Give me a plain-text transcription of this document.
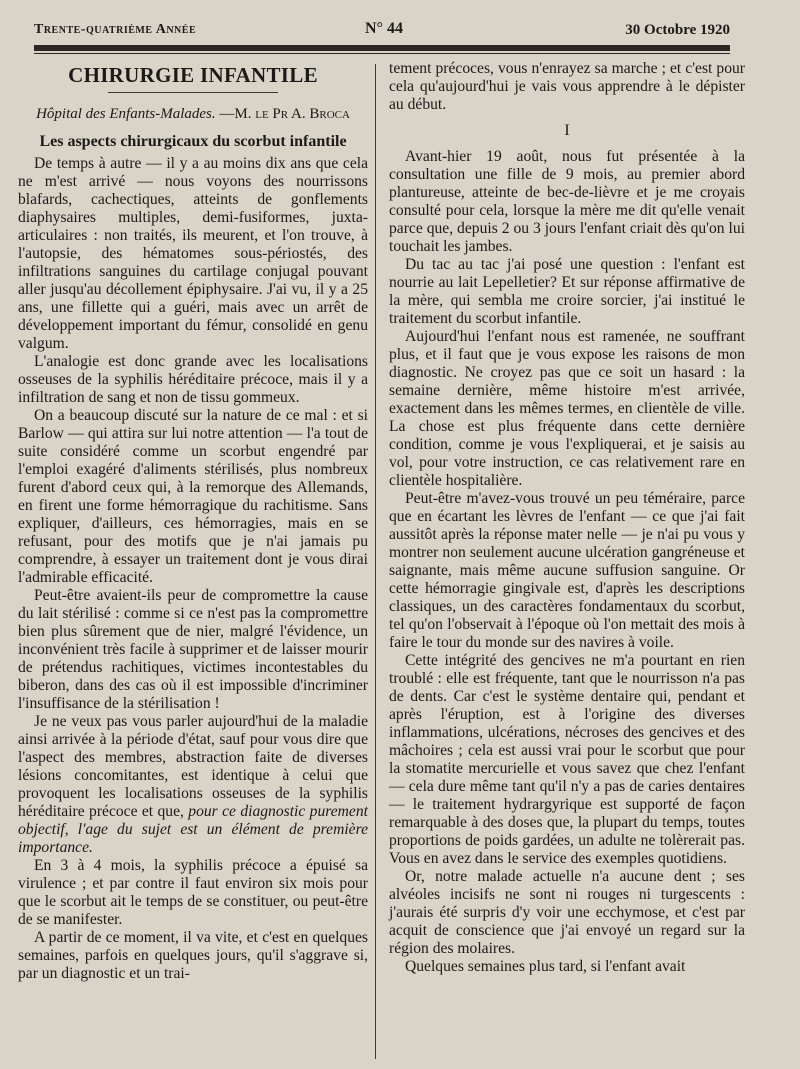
Trente-quatrième Année	N° 44	30 Octobre 1920
CHIRURGIE INFANTILE
Hôpital des Enfants-Malades. —M. le Pr A. Broca
Les aspects chirurgicaux du scorbut infantile

De temps à autre — il y a au moins dix ans que cela ne m'est arrivé — nous voyons des nourrissons blafards, cachectiques, atteints de gonflements diaphysaires multiples, demi-fusiformes, juxta-articulaires : non traités, ils meurent, et l'on trouve, à l'autopsie, des hématomes sous-périostés, des infiltrations sanguines du cartilage conjugal pouvant aller jusqu'au décollement épiphysaire. J'ai vu, il y a 25 ans, une fillette qui a guéri, mais avec un arrêt de développement important du fémur, consolidé en genu valgum.

L'analogie est donc grande avec les localisations osseuses de la syphilis héréditaire précoce, mais il y a infiltration de sang et non de tissu gommeux.

On a beaucoup discuté sur la nature de ce mal : et si Barlow — qui attira sur lui notre attention — l'a tout de suite considéré comme un scorbut engendré par l'emploi exagéré d'aliments stérilisés, plus nombreux furent d'abord ceux qui, à la remorque des Allemands, en firent une forme hémorragique du rachitisme. Sans expliquer, d'ailleurs, ces hémorragies, mais en se refusant, pour des motifs que je n'ai jamais pu comprendre, à essayer un traitement dont je vous dirai l'admirable efficacité.

Peut-être avaient-ils peur de compromettre la cause du lait stérilisé : comme si ce n'est pas la compromettre bien plus sûrement que de nier, malgré l'évidence, un inconvénient très facile à supprimer et de laisser mourir de prétendus rachitiques, victimes incontestables du biberon, dans des cas où il est impossible d'incriminer l'insuffisance de la stérilisation !

Je ne veux pas vous parler aujourd'hui de la maladie ainsi arrivée à la période d'état, sauf pour vous dire que l'aspect des membres, abstraction faite de diverses lésions concomitantes, est identique à celui que provoquent les localisations osseuses de la syphilis héréditaire précoce et que, pour ce diagnostic purement objectif, l'age du sujet est un élément de première importance.

En 3 à 4 mois, la syphilis précoce a épuisé sa virulence ; et par contre il faut environ six mois pour que le scorbut ait le temps de se constituer, ou peut-être de se manifester.

A partir de ce moment, il va vite, et c'est en quelques semaines, parfois en quelques jours, qu'il s'aggrave si, par un diagnostic et un trai-

tement précoces, vous n'enrayez sa marche ; et c'est pour cela qu'aujourd'hui je vais vous apprendre à le dépister au début.

I

Avant-hier 19 août, nous fut présentée à la consultation une fille de 9 mois, au premier abord plantureuse, atteinte de bec-de-lièvre et je me croyais consulté pour cela, lorsque la mère me dit qu'elle venait parce que, depuis 2 ou 3 jours l'enfant criait dès qu'on lui touchait les jambes.

Du tac au tac j'ai posé une question : l'enfant est nourrie au lait Lepelletier? Et sur réponse affirmative de la mère, qui sembla me croire sorcier, j'ai institué le traitement du scorbut infantile.

Aujourd'hui l'enfant nous est ramenée, ne souffrant plus, et il faut que je vous expose les raisons de mon diagnostic. Ne croyez pas que ce soit un hasard : la semaine dernière, même histoire m'est arrivée, exactement dans les mêmes termes, en clientèle de ville. La chose est plus fréquente dans cette dernière condition, comme je vous l'expliquerai, et je saisis au vol, pour votre instruction, ce cas relativement rare en clientèle hospitalière.

Peut-être m'avez-vous trouvé un peu téméraire, parce que en écartant les lèvres de l'enfant — ce que j'ai fait aussitôt après la réponse mater nelle — je n'ai pu vous y montrer non seulement aucune ulcération gangréneuse et saignante, mais même aucune suffusion sanguine. Or cette hémorragie gingivale est, d'après les descriptions classiques, un des caractères fondamentaux du scorbut, tel qu'on l'observait à l'époque où l'on mettait des mois à faire le tour du monde sur des navires à voile.

Cette intégrité des gencives ne m'a pourtant en rien troublé : elle est fréquente, tant que le nourrisson n'a pas de dents. Car c'est le système dentaire qui, pendant et après l'éruption, est à l'origine des diverses inflammations, ulcérations, nécroses des gencives et des mâchoires ; cela est aussi vrai pour le scorbut que pour la stomatite mercurielle et vous savez que chez l'enfant — cela dure même tant qu'il n'y a pas de caries dentaires — le traitement hydrargyrique est supporté de façon remarquable à des doses que, la plupart du temps, toutes proportions de poids gardées, un adulte ne tolèrerait pas. Vous en avez dans le service des exemples quotidiens.

Or, notre malade actuelle n'a aucune dent ; ses alvéoles incisifs ne sont ni rouges ni turgescents : j'aurais été surpris d'y voir une ecchymose, et c'est par acquit de conscience que j'ai envoyé un regard sur la région des molaires.

Quelques semaines plus tard, si l'enfant avait
